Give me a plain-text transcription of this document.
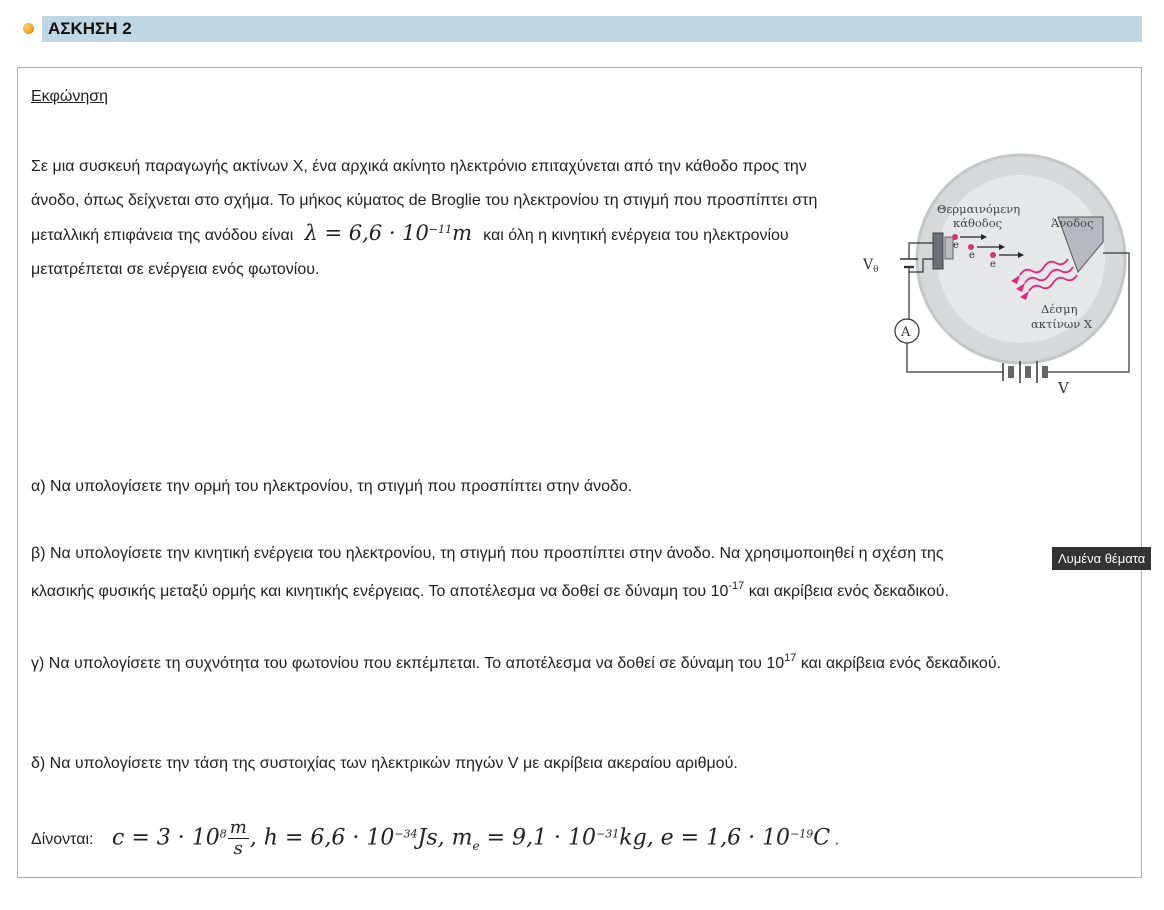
ΑΣΚΗΣΗ 2
Εκφώνηση
Σε μια συσκευή παραγωγής ακτίνων Χ, ένα αρχικά ακίνητο ηλεκτρόνιο επιταχύνεται από την κάθοδο προς την άνοδο, όπως δείχνεται στο σχήμα. Το μήκος κύματος de Broglie του ηλεκτρονίου τη στιγμή που προσπίπτει στη μεταλλική επιφάνεια της ανόδου είναι $\lambda = 6,6 \cdot 10^{-11}m$ και όλη η κινητική ενέργεια του ηλεκτρονίου μετατρέπεται σε ενέργεια ενός φωτονίου.
e
e
e
Θερμαινόμενη
κάθοδος	Άνοδος
Δέσμη
ακτίνων Χ
$V_\theta$
A
V
α) Να υπολογίσετε την ορμή του ηλεκτρονίου, τη στιγμή που προσπίπτει στην άνοδο.
β) Να υπολογίσετε την κινητική ενέργεια του ηλεκτρονίου, τη στιγμή που προσπίπτει στην άνοδο. Να χρησιμοποιηθεί η σχέση της
κλασικής φυσικής μεταξύ ορμής και κινητικής ενέργειας. Το αποτέλεσμα να δοθεί σε δύναμη του $10^{-17}$ και ακρίβεια ενός δεκαδικού.
Λυμένα θέματα
γ) Να υπολογίσετε τη συχνότητα του φωτονίου που εκπέμπεται. Το αποτέλεσμα να δοθεί σε δύναμη του $10^{17}$ και ακρίβεια ενός δεκαδικού.
δ) Να υπολογίσετε την τάση της συστοιχίας των ηλεκτρικών πηγών V με ακρίβεια ακεραίου αριθμού.
Δίνονται: $c = 3 \cdot 10^8 \frac{m}{s}$ , $h = 6,6 \cdot 10^{-34}Js$, $m_e = 9,1 \cdot 10^{-31}kg$, $e = 1,6 \cdot 10^{-19}C$ .
